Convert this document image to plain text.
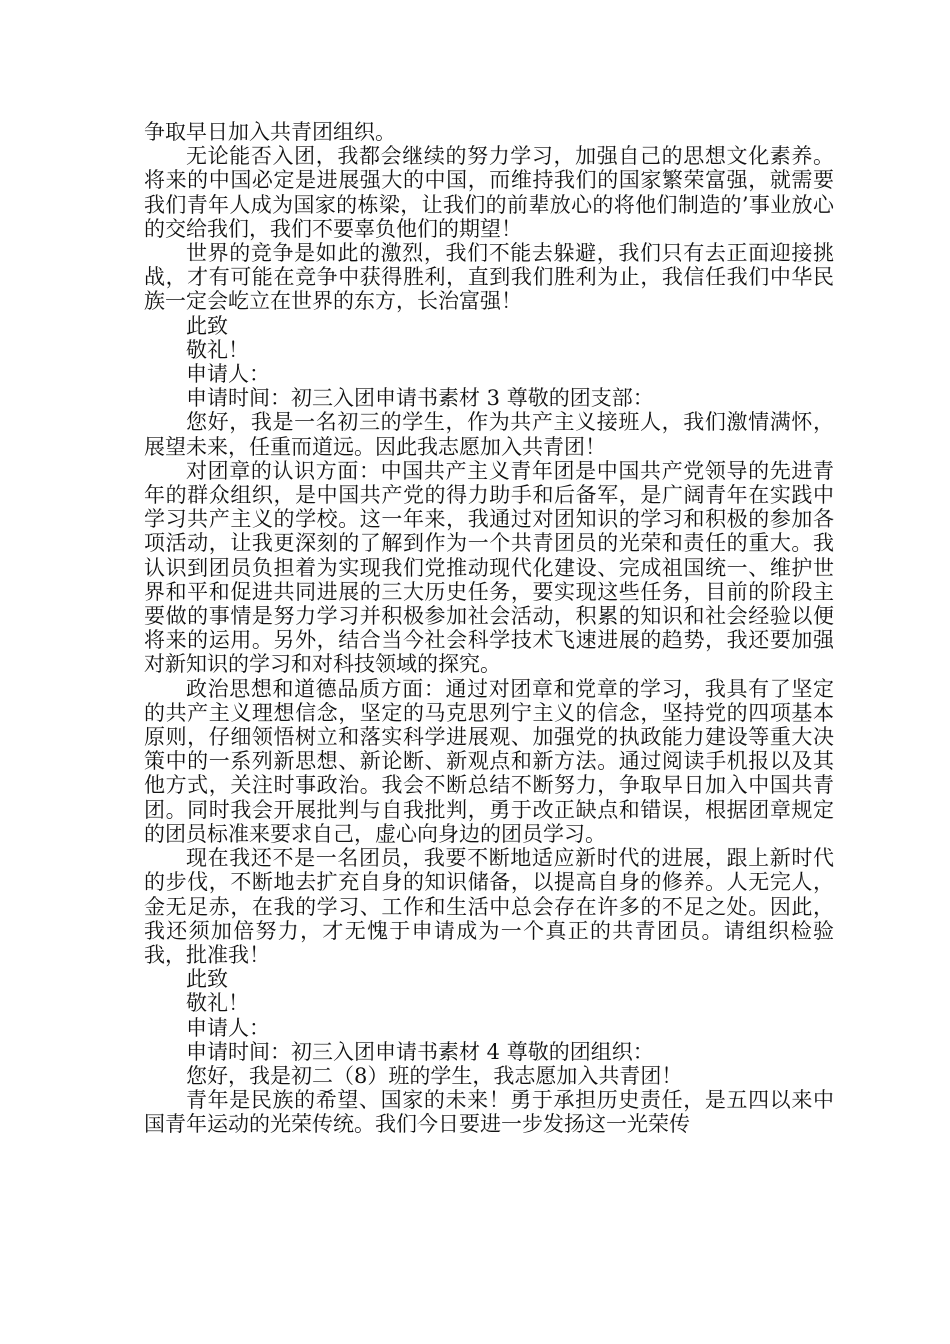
争取早日加入共青团组织。

无论能否入团，我都会继续的努力学习，加强自己的思想文化素养。将来的中国必定是进展强大的中国，而维持我们的国家繁荣富强，就需要我们青年人成为国家的栋梁，让我们的前辈放心的将他们制造的’事业放心的交给我们，我们不要辜负他们的期望！

世界的竞争是如此的激烈，我们不能去躲避，我们只有去正面迎接挑战，才有可能在竞争中获得胜利，直到我们胜利为止，我信任我们中华民族一定会屹立在世界的东方，长治富强！

此致

敬礼！

申请人：

申请时间：初三入团申请书素材 3 尊敬的团支部：

您好，我是一名初三的学生，作为共产主义接班人，我们激情满怀，展望未来，任重而道远。因此我志愿加入共青团！

对团章的认识方面：中国共产主义青年团是中国共产党领导的先进青年的群众组织，是中国共产党的得力助手和后备军，是广阔青年在实践中学习共产主义的学校。这一年来，我通过对团知识的学习和积极的参加各项活动，让我更深刻的了解到作为一个共青团员的光荣和责任的重大。我认识到团员负担着为实现我们党推动现代化建设、完成祖国统一、维护世界和平和促进共同进展的三大历史任务，要实现这些任务，目前的阶段主要做的事情是努力学习并积极参加社会活动，积累的知识和社会经验以便将来的运用。另外，结合当今社会科学技术飞速进展的趋势，我还要加强对新知识的学习和对科技领域的探究。

政治思想和道德品质方面：通过对团章和党章的学习，我具有了坚定的共产主义理想信念，坚定的马克思列宁主义的信念，坚持党的四项基本原则，仔细领悟树立和落实科学进展观、加强党的执政能力建设等重大决策中的一系列新思想、新论断、新观点和新方法。通过阅读手机报以及其他方式，关注时事政治。我会不断总结不断努力，争取早日加入中国共青团。同时我会开展批判与自我批判，勇于改正缺点和错误，根据团章规定的团员标准来要求自己，虚心向身边的团员学习。

现在我还不是一名团员，我要不断地适应新时代的进展，跟上新时代的步伐，不断地去扩充自身的知识储备，以提高自身的修养。人无完人，金无足赤，在我的学习、工作和生活中总会存在许多的不足之处。因此，我还须加倍努力，才无愧于申请成为一个真正的共青团员。请组织检验我，批准我！

此致

敬礼！

申请人：

申请时间：初三入团申请书素材 4 尊敬的团组织：

您好，我是初二（8）班的学生，我志愿加入共青团！

青年是民族的希望、国家的未来！勇于承担历史责任，是五四以来中国青年运动的光荣传统。我们今日要进一步发扬这一光荣传
